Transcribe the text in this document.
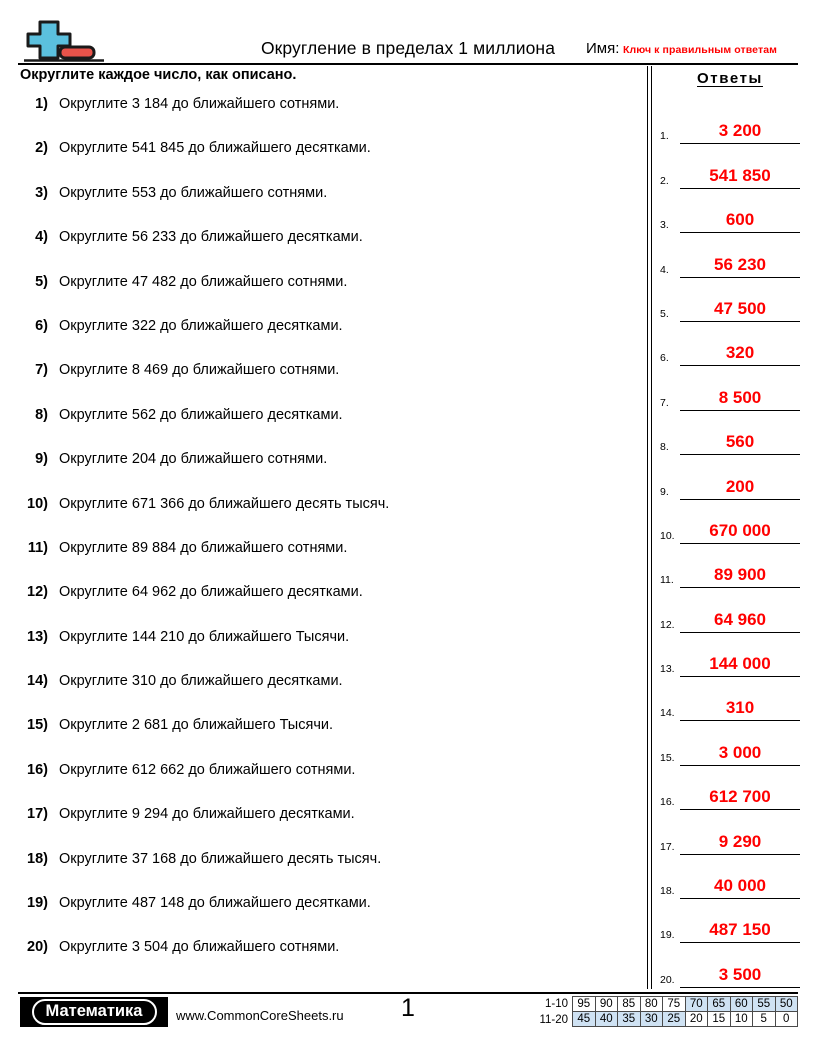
Округление в пределах 1 миллиона	Имя: Ключ к правильным ответам
Округлите каждое число, как описано.
1) Округлите 3 184 до ближайшего сотнями.
2) Округлите 541 845 до ближайшего десятками.
3) Округлите 553 до ближайшего сотнями.
4) Округлите 56 233 до ближайшего десятками.
5) Округлите 47 482 до ближайшего сотнями.
6) Округлите 322 до ближайшего десятками.
7) Округлите 8 469 до ближайшего сотнями.
8) Округлите 562 до ближайшего десятками.
9) Округлите 204 до ближайшего сотнями.
10) Округлите 671 366 до ближайшего десять тысяч.
11) Округлите 89 884 до ближайшего сотнями.
12) Округлите 64 962 до ближайшего десятками.
13) Округлите 144 210 до ближайшего Тысячи.
14) Округлите 310 до ближайшего десятками.
15) Округлите 2 681 до ближайшего Тысячи.
16) Округлите 612 662 до ближайшего сотнями.
17) Округлите 9 294 до ближайшего десятками.
18) Округлите 37 168 до ближайшего десять тысяч.
19) Округлите 487 148 до ближайшего десятками.
20) Округлите 3 504 до ближайшего сотнями.
Ответы
1.	3 200
2.	541 850
3.	600
4.	56 230
5.	47 500
6.	320
7.	8 500
8.	560
9.	200
10.	670 000
11.	89 900
12.	64 960
13.	144 000
14.	310
15.	3 000
16.	612 700
17.	9 290
18.	40 000
19.	487 150
20.	3 500
Математика	www.CommonCoreSheets.ru	1	1-10 95 90 85 80 75 70 65 60 55 50
11-20 45 40 35 30 25 20 15 10	5	0
